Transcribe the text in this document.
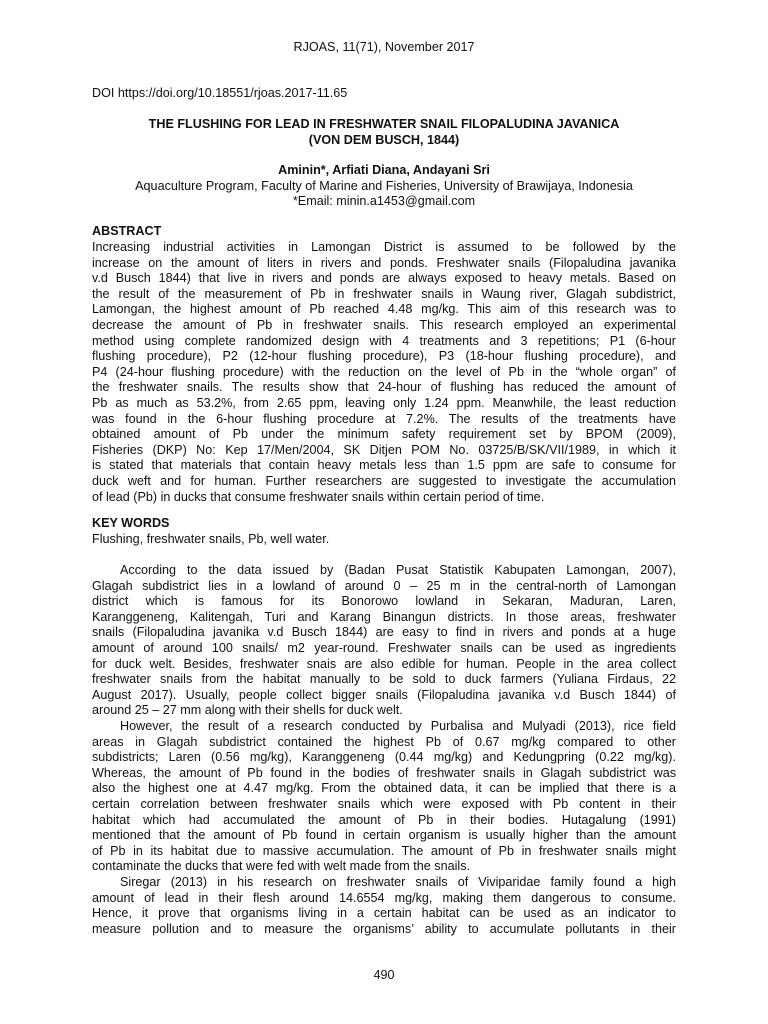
RJOAS, 11(71), November 2017
DOI https://doi.org/10.18551/rjoas.2017-11.65
THE FLUSHING FOR LEAD IN FRESHWATER SNAIL FILOPALUDINA JAVANICA
(VON DEM BUSCH, 1844)
Aminin*, Arfiati Diana, Andayani Sri
Aquaculture Program, Faculty of Marine and Fisheries, University of Brawijaya, Indonesia
*Email: minin.a1453@gmail.com
ABSTRACT
Increasing industrial activities in Lamongan District is assumed to be followed by the
increase on the amount of liters in rivers and ponds. Freshwater snails (Filopaludina javanika
v.d Busch 1844) that live in rivers and ponds are always exposed to heavy metals. Based on
the result of the measurement of Pb in freshwater snails in Waung river, Glagah subdistrict,
Lamongan, the highest amount of Pb reached 4.48 mg/kg. This aim of this research was to
decrease the amount of Pb in freshwater snails. This research employed an experimental
method using complete randomized design with 4 treatments and 3 repetitions; P1 (6-hour
flushing procedure), P2 (12-hour flushing procedure), P3 (18-hour flushing procedure), and
P4 (24-hour flushing procedure) with the reduction on the level of Pb in the “whole organ” of
the freshwater snails. The results show that 24-hour of flushing has reduced the amount of
Pb as much as 53.2%, from 2.65 ppm, leaving only 1.24 ppm. Meanwhile, the least reduction
was found in the 6-hour flushing procedure at 7.2%. The results of the treatments have
obtained amount of Pb under the minimum safety requirement set by BPOM (2009),
Fisheries (DKP) No: Kep 17/Men/2004, SK Ditjen POM No. 03725/B/SK/VII/1989, in which it
is stated that materials that contain heavy metals less than 1.5 ppm are safe to consume for
duck weft and for human. Further researchers are suggested to investigate the accumulation
of lead (Pb) in ducks that consume freshwater snails within certain period of time.
KEY WORDS
Flushing, freshwater snails, Pb, well water.
According to the data issued by (Badan Pusat Statistik Kabupaten Lamongan, 2007),
Glagah subdistrict lies in a lowland of around 0 – 25 m in the central-north of Lamongan
district which is famous for its Bonorowo lowland in Sekaran, Maduran, Laren,
Karanggeneng, Kalitengah, Turi and Karang Binangun districts. In those areas, freshwater
snails (Filopaludina javanika v.d Busch 1844) are easy to find in rivers and ponds at a huge
amount of around 100 snails/ m2 year-round. Freshwater snails can be used as ingredients
for duck welt. Besides, freshwater snais are also edible for human. People in the area collect
freshwater snails from the habitat manually to be sold to duck farmers (Yuliana Firdaus, 22
August 2017). Usually, people collect bigger snails (Filopaludina javanika v.d Busch 1844) of
around 25 – 27 mm along with their shells for duck welt.
However, the result of a research conducted by Purbalisa and Mulyadi (2013), rice field
areas in Glagah subdistrict contained the highest Pb of 0.67 mg/kg compared to other
subdistricts; Laren (0.56 mg/kg), Karanggeneng (0.44 mg/kg) and Kedungpring (0.22 mg/kg).
Whereas, the amount of Pb found in the bodies of freshwater snails in Glagah subdistrict was
also the highest one at 4.47 mg/kg. From the obtained data, it can be implied that there is a
certain correlation between freshwater snails which were exposed with Pb content in their
habitat which had accumulated the amount of Pb in their bodies. Hutagalung (1991)
mentioned that the amount of Pb found in certain organism is usually higher than the amount
of Pb in its habitat due to massive accumulation. The amount of Pb in freshwater snails might
contaminate the ducks that were fed with welt made from the snails.
Siregar (2013) in his research on freshwater snails of Viviparidae family found a high
amount of lead in their flesh around 14.6554 mg/kg, making them dangerous to consume.
Hence, it prove that organisms living in a certain habitat can be used as an indicator to
measure pollution and to measure the organisms’ ability to accumulate pollutants in their
490
